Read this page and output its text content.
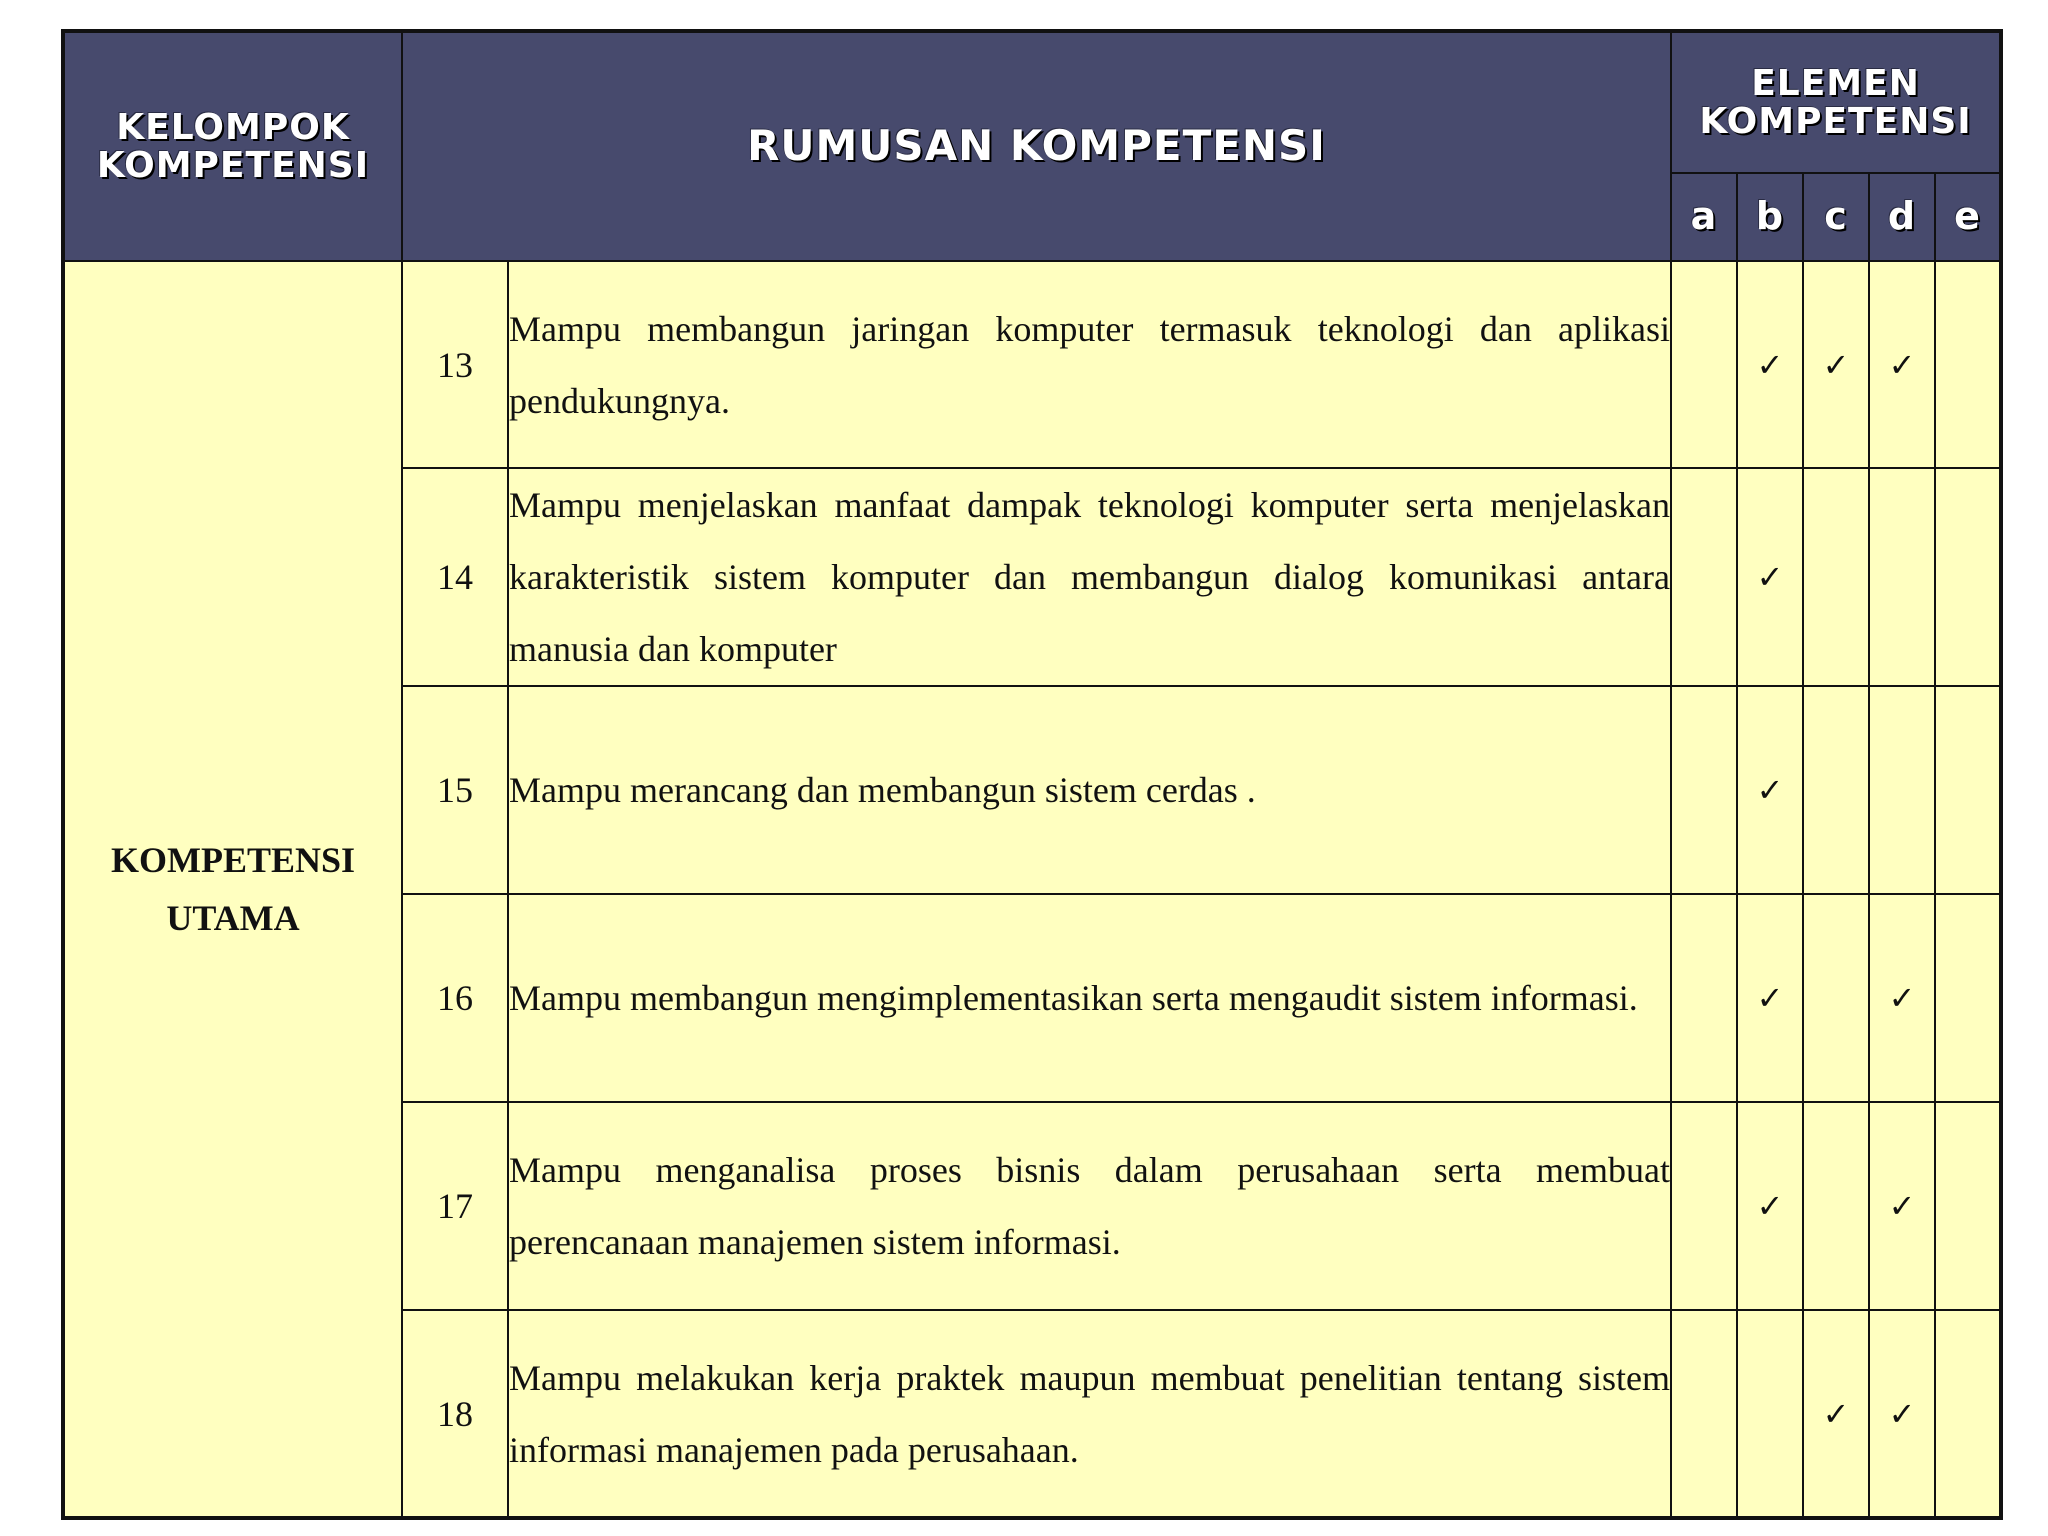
KELOMPOK KOMPETENSI	RUMUSAN KOMPETENSI		ELEMEN KOMPETENSI				
			a	b	c	d	e
KOMPETENSI UTAMA	13	Mampu membangun jaringan komputer termasuk teknologi dan aplikasi pendukungnya.		✓	✓	✓	
	14	Mampu menjelaskan manfaat dampak teknologi komputer serta menjelaskan karakteristik sistem komputer dan membangun dialog komunikasi antara manusia dan komputer		✓			
	15	Mampu merancang dan membangun sistem cerdas .		✓			
	16	Mampu membangun mengimplementasikan serta mengaudit sistem informasi.		✓		✓	
	17	Mampu menganalisa proses bisnis dalam perusahaan serta membuat perencanaan manajemen sistem informasi.		✓		✓	
	18	Mampu melakukan kerja praktek maupun membuat penelitian tentang sistem informasi manajemen pada perusahaan.			✓	✓	
